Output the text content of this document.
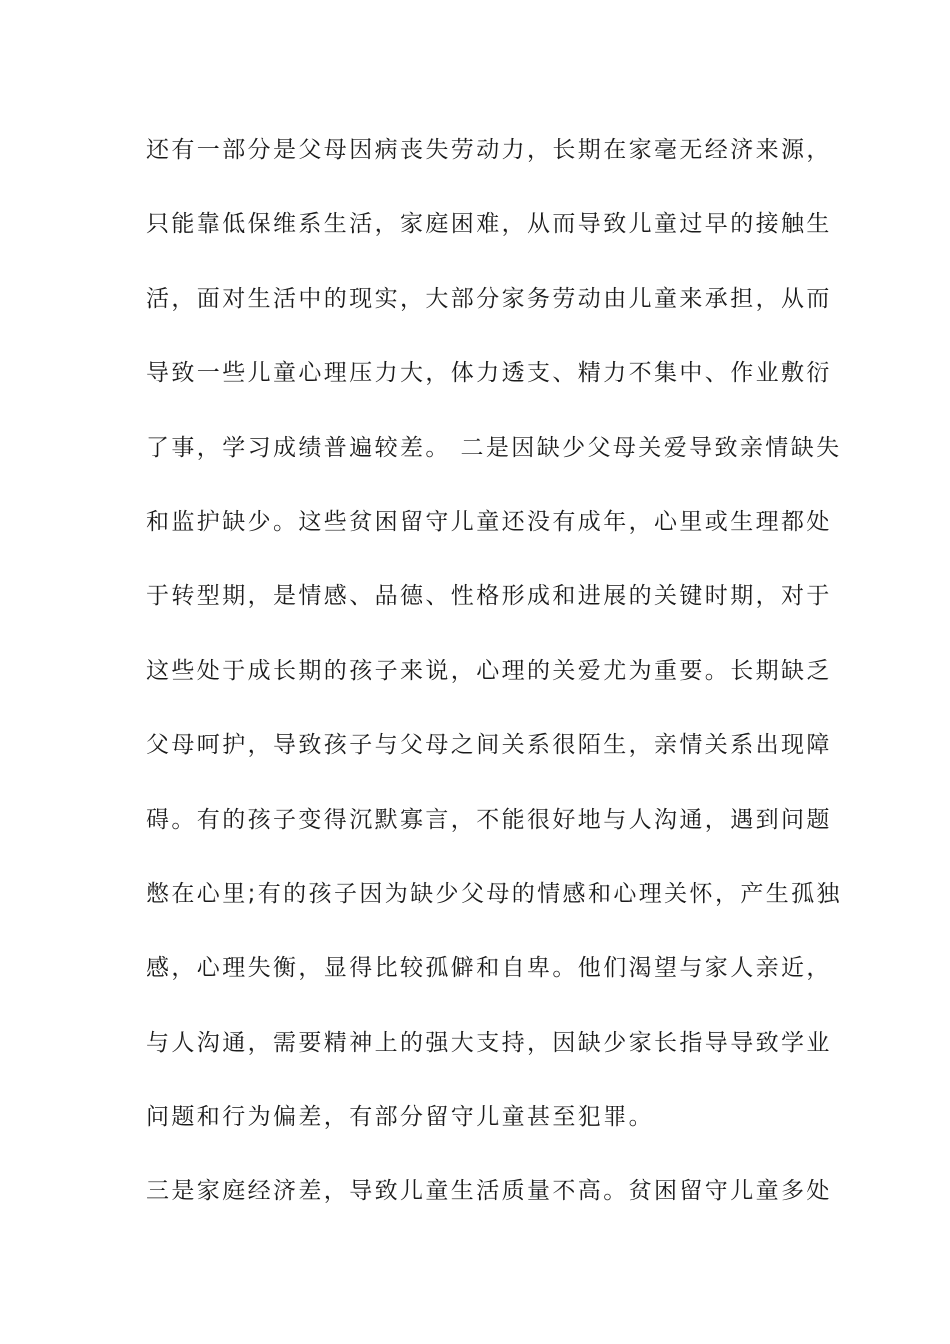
还有一部分是父母因病丧失劳动力，长期在家毫无经济来源，
只能靠低保维系生活，家庭困难，从而导致儿童过早的接触生
活，面对生活中的现实，大部分家务劳动由儿童来承担，从而
导致一些儿童心理压力大，体力透支、精力不集中、作业敷衍
了事，学习成绩普遍较差。 二是因缺少父母关爱导致亲情缺失
和监护缺少。这些贫困留守儿童还没有成年，心里或生理都处
于转型期，是情感、品德、性格形成和进展的关键时期，对于
这些处于成长期的孩子来说，心理的关爱尤为重要。长期缺乏
父母呵护，导致孩子与父母之间关系很陌生，亲情关系出现障
碍。有的孩子变得沉默寡言，不能很好地与人沟通，遇到问题
憋在心里;有的孩子因为缺少父母的情感和心理关怀，产生孤独
感，心理失衡，显得比较孤僻和自卑。他们渴望与家人亲近，
与人沟通，需要精神上的强大支持，因缺少家长指导导致学业
问题和行为偏差，有部分留守儿童甚至犯罪。
三是家庭经济差，导致儿童生活质量不高。贫困留守儿童多处
